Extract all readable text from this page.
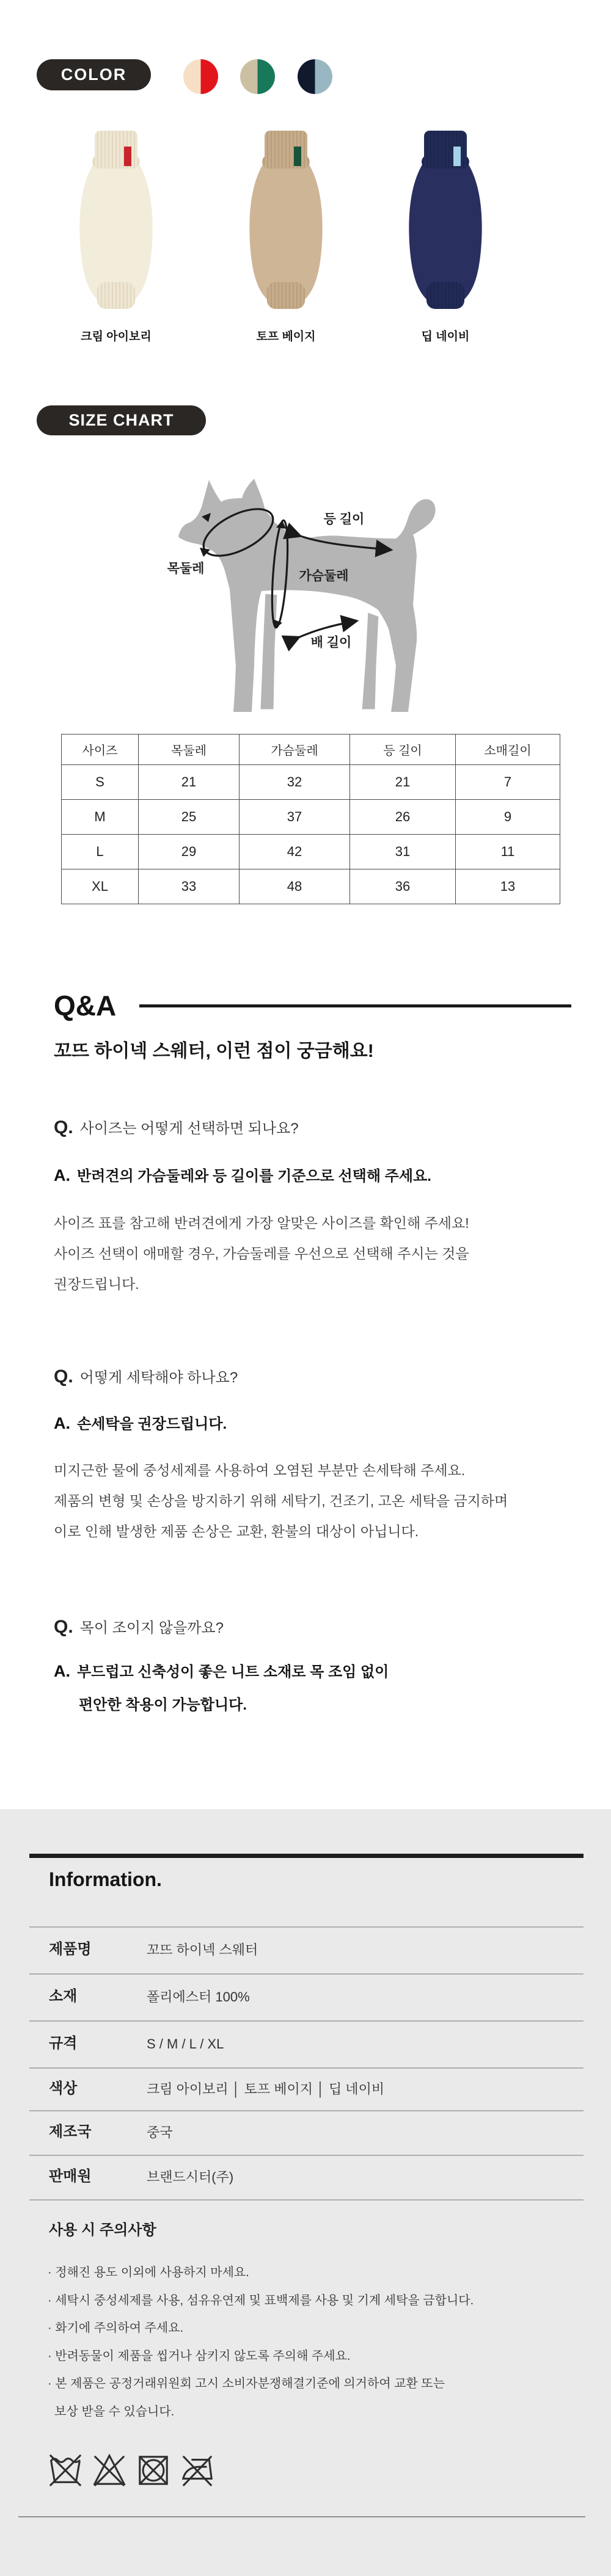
COLOR
크림 아이보리	토프 베이지	딥 네이비
SIZE CHART
등 길이
목둘레
가슴둘레
배 길이
사이즈	목둘레	가슴둘레	등 길이	소매길이
S	21	32	21	7
M	25	37	26	9
L	29	42	31	11
XL	33	48	36	13
Q&A
꼬뜨 하이넥 스웨터, 이런 점이 궁금해요!
Q. 사이즈는 어떻게 선택하면 되나요?
A. 반려견의 가슴둘레와 등 길이를 기준으로 선택해 주세요.
사이즈 표를 참고해 반려견에게 가장 알맞은 사이즈를 확인해 주세요!
사이즈 선택이 애매할 경우, 가슴둘레를 우선으로 선택해 주시는 것을
권장드립니다.
Q. 어떻게 세탁해야 하나요?
A. 손세탁을 권장드립니다.
미지근한 물에 중성세제를 사용하여 오염된 부분만 손세탁해 주세요.
제품의 변형 및 손상을 방지하기 위해 세탁기, 건조기, 고온 세탁을 금지하며
이로 인해 발생한 제품 손상은 교환, 환불의 대상이 아닙니다.
Q. 목이 조이지 않을까요?
A. 부드럽고 신축성이 좋은 니트 소재로 목 조임 없이
편안한 착용이 가능합니다.
Information.
제품명	꼬뜨 하이넥 스웨터
소재	폴리에스터 100%
규격	S / M / L / XL
색상	크림 아이보리 │ 토프 베이지 │ 딥 네이비
제조국	중국
판매원	브랜드시터(주)
사용 시 주의사항
· 정해진 용도 이외에 사용하지 마세요.
· 세탁시 중성세제를 사용, 섬유유연제 및 표백제를 사용 및 기계 세탁을 금합니다.
· 화기에 주의하여 주세요.
· 반려동물이 제품을 씹거나 삼키지 않도록 주의해 주세요.
· 본 제품은 공정거래위원회 고시 소비자분쟁해결기준에 의거하여 교환 또는
보상 받을 수 있습니다.
